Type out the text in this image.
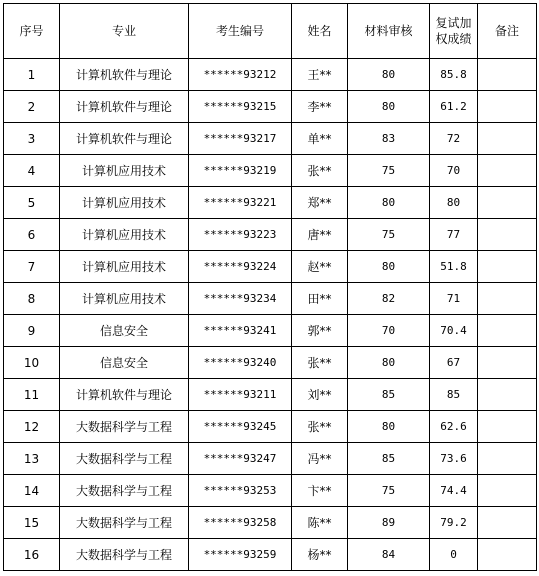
序号	专业	考生编号	姓名	材料审核	复试加权成绩	备注
1	计算机软件与理论	******93212	王**	80	85.8	
2	计算机软件与理论	******93215	李**	80	61.2	
3	计算机软件与理论	******93217	单**	83	72	
4	计算机应用技术	******93219	张**	75	70	
5	计算机应用技术	******93221	郑**	80	80	
6	计算机应用技术	******93223	唐**	75	77	
7	计算机应用技术	******93224	赵**	80	51.8	
8	计算机应用技术	******93234	田**	82	71	
9	信息安全	******93241	郭**	70	70.4	
10	信息安全	******93240	张**	80	67	
11	计算机软件与理论	******93211	刘**	85	85	
12	大数据科学与工程	******93245	张**	80	62.6	
13	大数据科学与工程	******93247	冯**	85	73.6	
14	大数据科学与工程	******93253	卞**	75	74.4	
15	大数据科学与工程	******93258	陈**	89	79.2	
16	大数据科学与工程	******93259	杨**	84	0	
